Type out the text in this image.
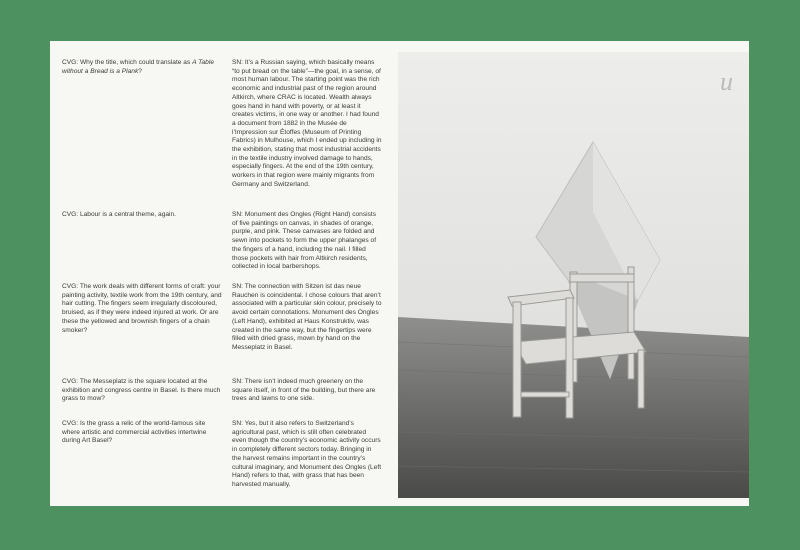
CVG: Why the title, which could translate as A Table without a Bread is a Plank?
SN: It’s a Russian saying, which basically means “to put bread on the table”—the goal, in a sense, of most human labour. The starting point was the rich economic and industrial past of the region around Altkirch, where CRAC is located. Wealth always goes hand in hand with poverty, or at least it creates victims, in one way or another. I had found a document from 1882 in the Musée de l’Impression sur Étoffes (Museum of Printing Fabrics) in Mulhouse, which I ended up including in the exhibition, stating that most industrial accidents in the textile industry involved damage to hands, especially fingers. At the end of the 19th century, workers in that region were mainly migrants from Germany and Switzerland.
CVG: Labour is a central theme, again.	SN: Monument des Ongles (Right Hand) consists of five paintings on canvas, in shades of orange, purple, and pink. These canvases are folded and sewn into pockets to form the upper phalanges of the fingers of a hand, including the nail. I filled those pockets with hair from Altkirch residents, collected in local barbershops.
CVG: The work deals with different forms of craft: your painting activity, textile work from the 19th century, and hair cutting. The fingers seem irregularly discoloured, bruised, as if they were indeed injured at work. Or are these the yellowed and brownish fingers of a chain smoker?
SN: The connection with Sitzen ist das neue Rauchen is coincidental. I chose colours that aren’t associated with a particular skin colour, precisely to avoid certain connotations. Monument des Ongles (Left Hand), exhibited at Haus Konstruktiv, was created in the same way, but the fingertips were filled with dried grass, mown by hand on the Messeplatz in Basel.
CVG: The Messeplatz is the square located at the exhibition and congress centre in Basel. Is there much grass to mow?
SN: There isn’t indeed much greenery on the square itself, in front of the building, but there are trees and lawns to one side.
CVG: Is the grass a relic of the world-famous site where artistic and commercial activities intertwine during Art Basel?
SN: Yes, but it also refers to Switzerland’s agricultural past, which is still often celebrated even though the country’s economic activity occurs in completely different sectors today. Bringing in the harvest remains important in the country’s cultural imaginary, and Monument des Ongles (Left Hand) refers to that, with grass that has been harvested manually.
u
